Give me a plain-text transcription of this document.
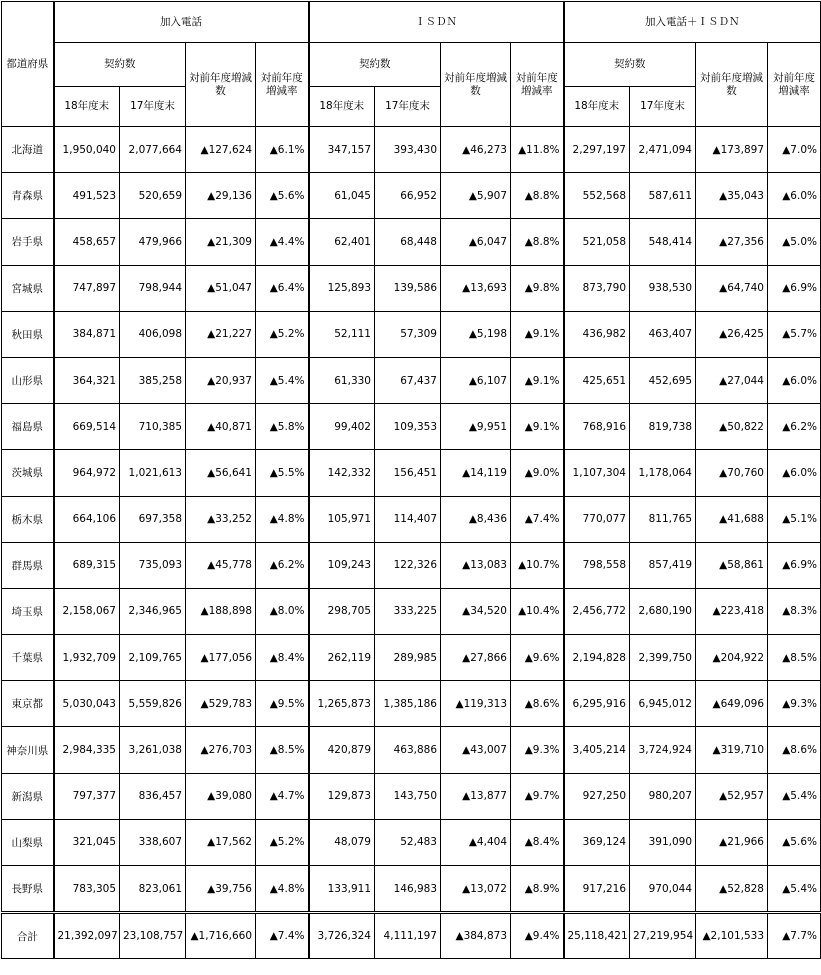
都道府県	加入電話				ＩＳＤＮ				加入電話＋ＩＳＤＮ			
	契約数		対前年度増減数	対前年度増減率	契約数		対前年度増減数	対前年度増減率	契約数		対前年度増減数	対前年度増減率
	18年度末	17年度末			18年度末	17年度末			18年度末	17年度末		
北海道	1,950,040	2,077,664	▲127,624	▲6.1%	347,157	393,430	▲46,273	▲11.8%	2,297,197	2,471,094	▲173,897	▲7.0%
青森県	491,523	520,659	▲29,136	▲5.6%	61,045	66,952	▲5,907	▲8.8%	552,568	587,611	▲35,043	▲6.0%
岩手県	458,657	479,966	▲21,309	▲4.4%	62,401	68,448	▲6,047	▲8.8%	521,058	548,414	▲27,356	▲5.0%
宮城県	747,897	798,944	▲51,047	▲6.4%	125,893	139,586	▲13,693	▲9.8%	873,790	938,530	▲64,740	▲6.9%
秋田県	384,871	406,098	▲21,227	▲5.2%	52,111	57,309	▲5,198	▲9.1%	436,982	463,407	▲26,425	▲5.7%
山形県	364,321	385,258	▲20,937	▲5.4%	61,330	67,437	▲6,107	▲9.1%	425,651	452,695	▲27,044	▲6.0%
福島県	669,514	710,385	▲40,871	▲5.8%	99,402	109,353	▲9,951	▲9.1%	768,916	819,738	▲50,822	▲6.2%
茨城県	964,972	1,021,613	▲56,641	▲5.5%	142,332	156,451	▲14,119	▲9.0%	1,107,304	1,178,064	▲70,760	▲6.0%
栃木県	664,106	697,358	▲33,252	▲4.8%	105,971	114,407	▲8,436	▲7.4%	770,077	811,765	▲41,688	▲5.1%
群馬県	689,315	735,093	▲45,778	▲6.2%	109,243	122,326	▲13,083	▲10.7%	798,558	857,419	▲58,861	▲6.9%
埼玉県	2,158,067	2,346,965	▲188,898	▲8.0%	298,705	333,225	▲34,520	▲10.4%	2,456,772	2,680,190	▲223,418	▲8.3%
千葉県	1,932,709	2,109,765	▲177,056	▲8.4%	262,119	289,985	▲27,866	▲9.6%	2,194,828	2,399,750	▲204,922	▲8.5%
東京都	5,030,043	5,559,826	▲529,783	▲9.5%	1,265,873	1,385,186	▲119,313	▲8.6%	6,295,916	6,945,012	▲649,096	▲9.3%
神奈川県	2,984,335	3,261,038	▲276,703	▲8.5%	420,879	463,886	▲43,007	▲9.3%	3,405,214	3,724,924	▲319,710	▲8.6%
新潟県	797,377	836,457	▲39,080	▲4.7%	129,873	143,750	▲13,877	▲9.7%	927,250	980,207	▲52,957	▲5.4%
山梨県	321,045	338,607	▲17,562	▲5.2%	48,079	52,483	▲4,404	▲8.4%	369,124	391,090	▲21,966	▲5.6%
長野県	783,305	823,061	▲39,756	▲4.8%	133,911	146,983	▲13,072	▲8.9%	917,216	970,044	▲52,828	▲5.4%
合計	21,392,097	23,108,757	▲1,716,660	▲7.4%	3,726,324	4,111,197	▲384,873	▲9.4%	25,118,421	27,219,954	▲2,101,533	▲7.7%
